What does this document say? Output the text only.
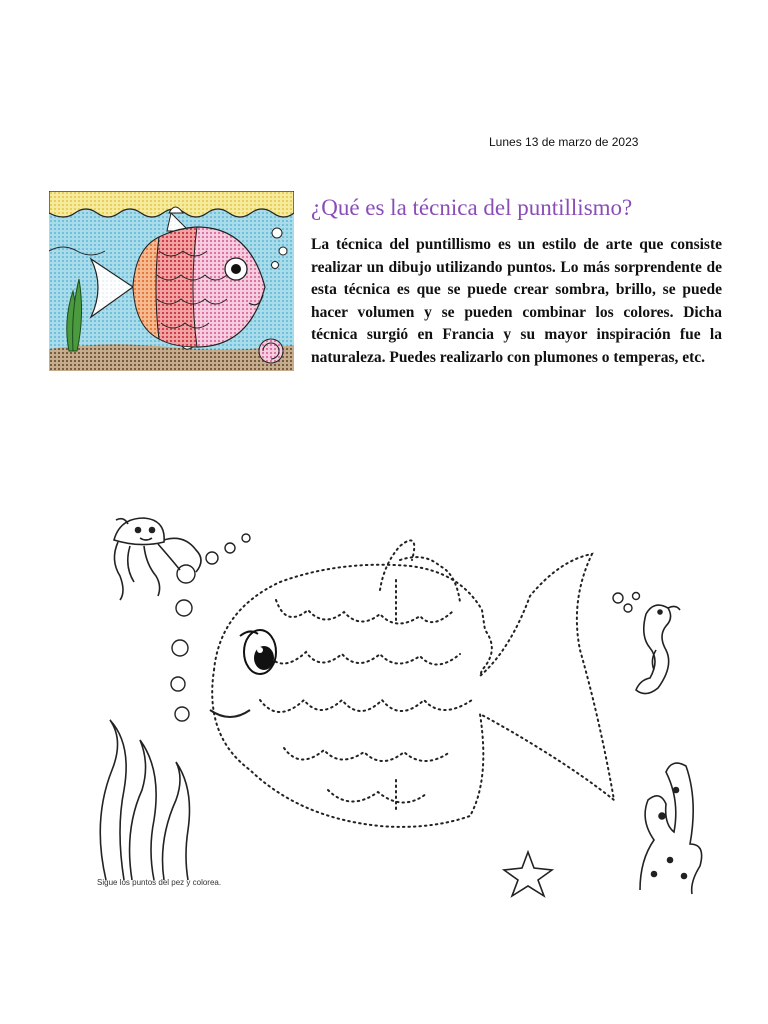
Lunes 13 de marzo de 2023
¿Qué es la técnica del puntillismo?

La técnica del puntillismo es un estilo de arte que consiste realizar un dibujo utilizando puntos. Lo más sorprendente de esta técnica es que se puede crear sombra, brillo, se puede hacer volumen y se pueden combinar los colores. Dicha técnica surgió en Francia y su mayor inspiración fue la naturaleza. Puedes realizarlo con plumones o temperas, etc.

Sigue los puntos del pez y colorea.
